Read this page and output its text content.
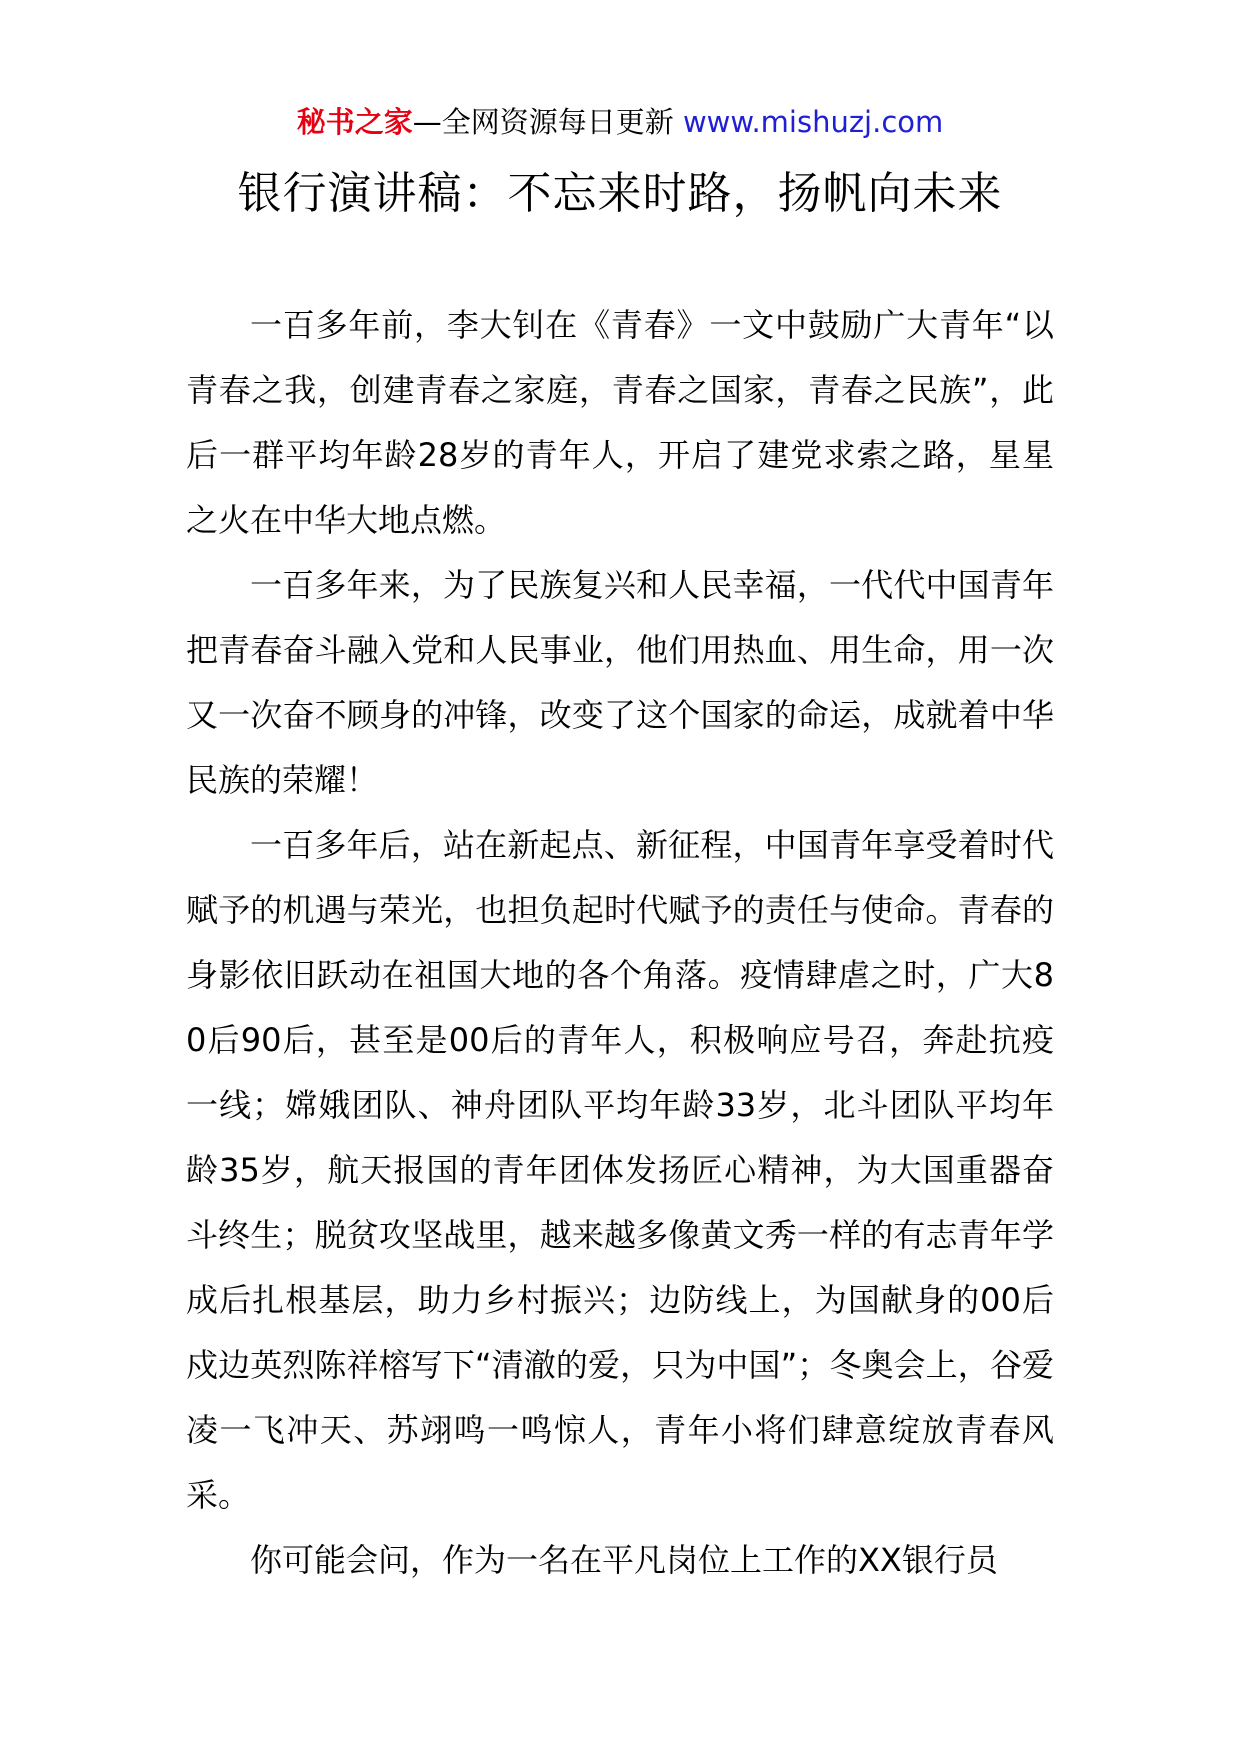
秘书之家—全网资源每日更新 www.mishuzj.com
银行演讲稿：不忘来时路，扬帆向未来

一百多年前，李大钊在《青春》一文中鼓励广大青年“以青春之我，创建青春之家庭，青春之国家，青春之民族”，此后一群平均年龄28岁的青年人，开启了建党求索之路，星星之火在中华大地点燃。

一百多年来，为了民族复兴和人民幸福，一代代中国青年把青春奋斗融入党和人民事业，他们用热血、用生命，用一次又一次奋不顾身的冲锋，改变了这个国家的命运，成就着中华民族的荣耀！

一百多年后，站在新起点、新征程，中国青年享受着时代赋予的机遇与荣光，也担负起时代赋予的责任与使命。青春的身影依旧跃动在祖国大地的各个角落。疫情肆虐之时，广大80后90后，甚至是00后的青年人，积极响应号召，奔赴抗疫一线；嫦娥团队、神舟团队平均年龄33岁，北斗团队平均年龄35岁，航天报国的青年团体发扬匠心精神，为大国重器奋斗终生；脱贫攻坚战里，越来越多像黄文秀一样的有志青年学成后扎根基层，助力乡村振兴；边防线上，为国献身的00后戍边英烈陈祥榕写下“清澈的爱，只为中国”；冬奥会上，谷爱凌一飞冲天、苏翊鸣一鸣惊人，青年小将们肆意绽放青春风采。

你可能会问，作为一名在平凡岗位上工作的XX银行员
